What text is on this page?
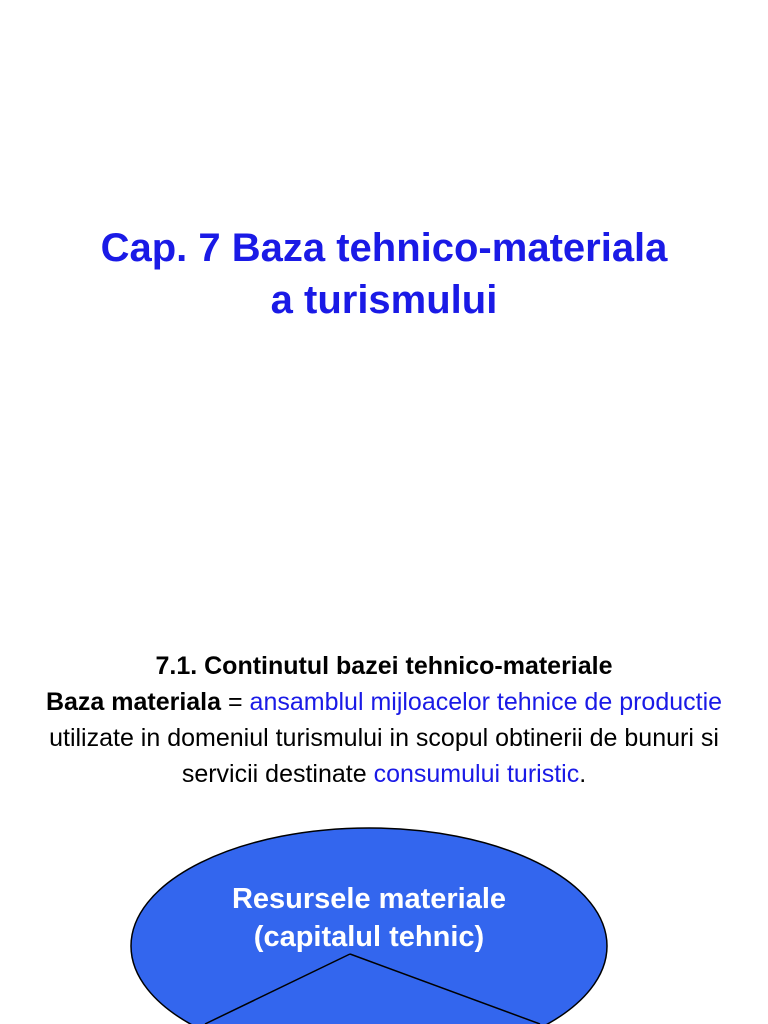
Cap. 7 Baza tehnico-materiala
a turismului
7.1. Continutul bazei tehnico-materiale
Baza materiala = ansamblul mijloacelor tehnice de productie utilizate in domeniul turismului in scopul obtinerii de bunuri si servicii destinate consumului turistic.
Resursele materiale
(capitalul tehnic)
